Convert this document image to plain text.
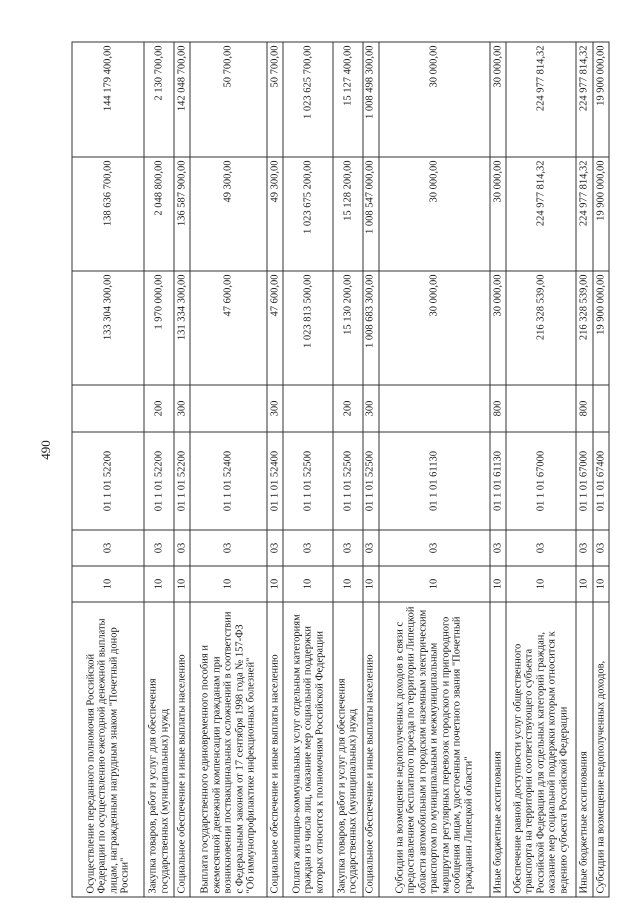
490
Осуществление переданного полномочия Российской Федерации по осуществлению ежегодной денежной выплаты лицам, награжденным нагрудным знаком "Почетный донор России"	10	03	01 1 01 52200		133 304 300,00	138 636 700,00	144 179 400,00
Закупка товаров, работ и услуг для обеспечения государственных (муниципальных) нужд	10	03	01 1 01 52200	200	1 970 000,00	2 048 800,00	2 130 700,00
Социальное обеспечение и иные выплаты населению	10	03	01 1 01 52200	300	131 334 300,00	136 587 900,00	142 048 700,00
Выплата государственного единовременного пособия и ежемесячной денежной компенсации гражданам при возникновении поствакцинальных осложнений в соответствии с Федеральным законом от 17 сентября 1998 года № 157-ФЗ "Об иммунопрофилактике инфекционных болезней"	10	03	01 1 01 52400		47 600,00	49 300,00	50 700,00
Социальное обеспечение и иные выплаты населению	10	03	01 1 01 52400	300	47 600,00	49 300,00	50 700,00
Оплата жилищно-коммунальных услуг отдельным категориям граждан из числа лиц, оказание мер социальной поддержки которых относится к полномочиям Российской Федерации	10	03	01 1 01 52500		1 023 813 500,00	1 023 675 200,00	1 023 625 700,00
Закупка товаров, работ и услуг для обеспечения государственных (муниципальных) нужд	10	03	01 1 01 52500	200	15 130 200,00	15 128 200,00	15 127 400,00
Социальное обеспечение и иные выплаты населению	10	03	01 1 01 52500	300	1 008 683 300,00	1 008 547 000,00	1 008 498 300,00
Субсидии на возмещение недополученных доходов в связи с предоставлением бесплатного проезда по территории Липецкой области автомобильным и городским наземным электрическим транспортом по муниципальным и межмуниципальным маршрутам регулярных перевозок городского и пригородного сообщения лицам, удостоенным почетного звания "Почетный гражданин Липецкой области"	10	03	01 1 01 61130		30 000,00	30 000,00	30 000,00
Иные бюджетные ассигнования	10	03	01 1 01 61130	800	30 000,00	30 000,00	30 000,00
Обеспечение равной доступности услуг общественного транспорта на территории соответствующего субъекта Российской Федерации для отдельных категорий граждан, оказание мер социальной поддержки которым относится к ведению субъекта Российской Федерации	10	03	01 1 01 67000		216 328 539,00	224 977 814,32	224 977 814,32
Иные бюджетные ассигнования	10	03	01 1 01 67000	800	216 328 539,00	224 977 814,32	224 977 814,32
Субсидии на возмещение недополученных доходов,	10	03	01 1 01 67400		19 900 000,00	19 900 000,00	19 900 000,00
